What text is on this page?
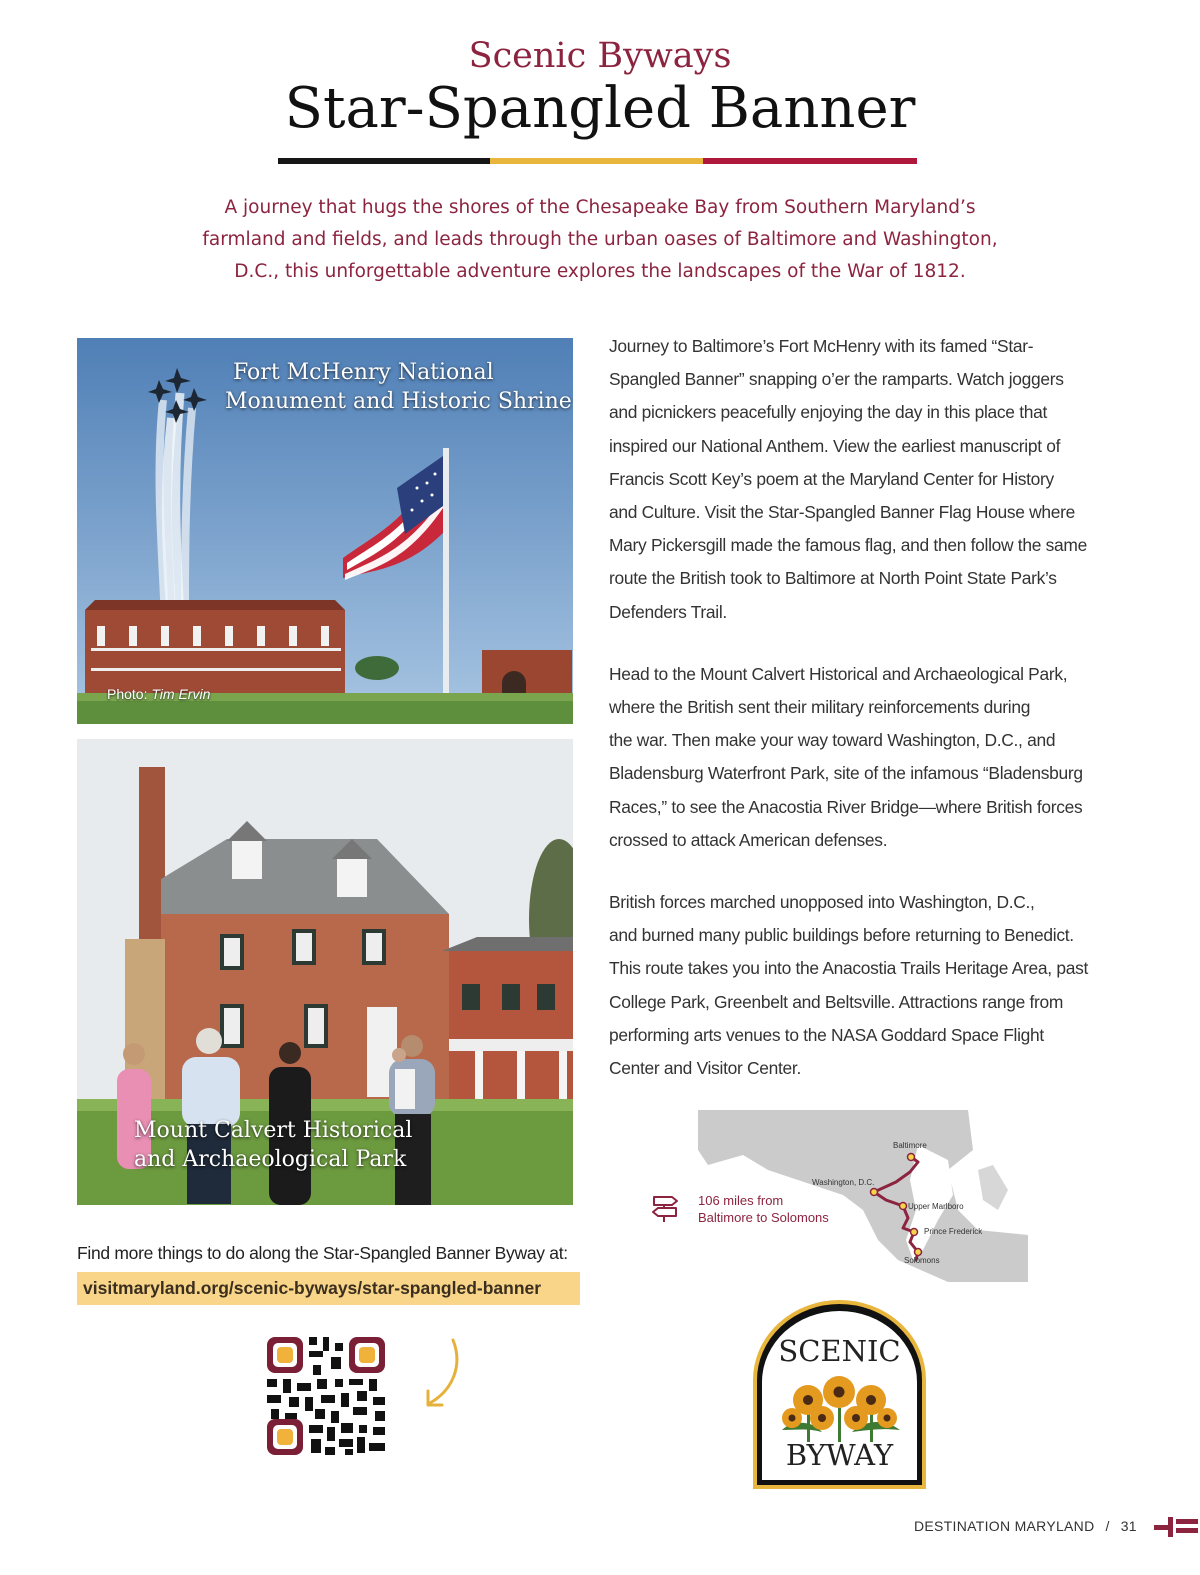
Scenic Byways
Star-Spangled Banner

A journey that hugs the shores of the Chesapeake Bay from Southern Maryland’s

farmland and fields, and leads through the urban oases of Baltimore and Washington,

D.C., this unforgettable adventure explores the landscapes of the War of 1812.

Fort McHenry National
Monument and Historic Shrine
Photo: Tim Ervin
Mount Calvert Historical
and Archaeological Park

Journey to Baltimore’s Fort McHenry with its famed “Star-
Spangled Banner” snapping o’er the ramparts. Watch joggers
and picnickers peacefully enjoying the day in this place that
inspired our National Anthem. View the earliest manuscript of
Francis Scott Key’s poem at the Maryland Center for History
and Culture. Visit the Star-Spangled Banner Flag House where
Mary Pickersgill made the famous flag, and then follow the same
route the British took to Baltimore at North Point State Park’s
Defenders Trail.

Head to the Mount Calvert Historical and Archaeological Park,
where the British sent their military reinforcements during
the war. Then make your way toward Washington, D.C., and
Bladensburg Waterfront Park, site of the infamous “Bladensburg
Races,” to see the Anacostia River Bridge—where British forces
crossed to attack American defenses.

British forces marched unopposed into Washington, D.C.,
and burned many public buildings before returning to Benedict.
This route takes you into the Anacostia Trails Heritage Area, past
College Park, Greenbelt and Beltsville. Attractions range from
performing arts venues to the NASA Goddard Space Flight
Center and Visitor Center.

Find more things to do along the Star-Spangled Banner Byway at:
visitmaryland.org/scenic-byways/star-spangled-banner
Baltimore
Washington, D.C.
Upper Marlboro
Prince Frederick
Solomons
106 miles from
Baltimore to Solomons
SCENIC
BYWAY
DESTINATION MARYLAND / 31
